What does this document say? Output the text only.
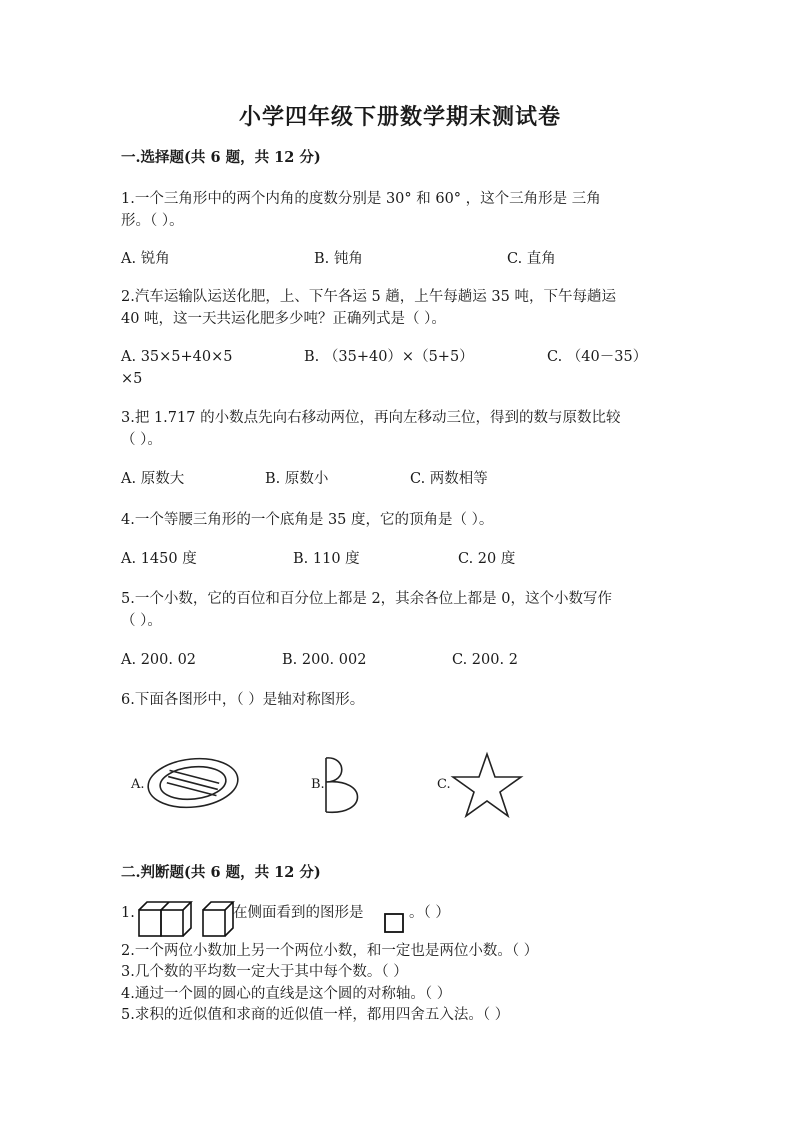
小学四年级下册数学期末测试卷
一.选择题(共 6 题，共 12 分)
1.一个三角形中的两个内角的度数分别是 30° 和 60° ，这个三角形是 三角
形。（ ）。
A. 锐角	B. 钝角	C. 直角
2.汽车运输队运送化肥，上、下午各运 5 趟，上午每趟运 35 吨，下午每趟运
40 吨，这一天共运化肥多少吨？正确列式是（ ）。
A. 35×5+40×5	B. （35+40）×（5+5）	C. （40－35）
×5
3.把 1.717 的小数点先向右移动两位，再向左移动三位，得到的数与原数比较
（ ）。
A. 原数大	B. 原数小	C. 两数相等
4.一个等腰三角形的一个底角是 35 度，它的顶角是（ ）。
A. 1450 度	B. 110 度	C. 20 度
5.一个小数，它的百位和百分位上都是 2，其余各位上都是 0，这个小数写作
（ ）。
A. 200. 02	B. 200. 002	C. 200. 2
6.下面各图形中，（ ）是轴对称图形。
A.	B.	C.
二.判断题(共 6 题，共 12 分)
1.	在侧面看到的图形是	。（ ）
2.一个两位小数加上另一个两位小数，和一定也是两位小数。（ ）
3.几个数的平均数一定大于其中每个数。（ ）
4.通过一个圆的圆心的直线是这个圆的对称轴。（ ）
5.求积的近似值和求商的近似值一样，都用四舍五入法。（ ）
